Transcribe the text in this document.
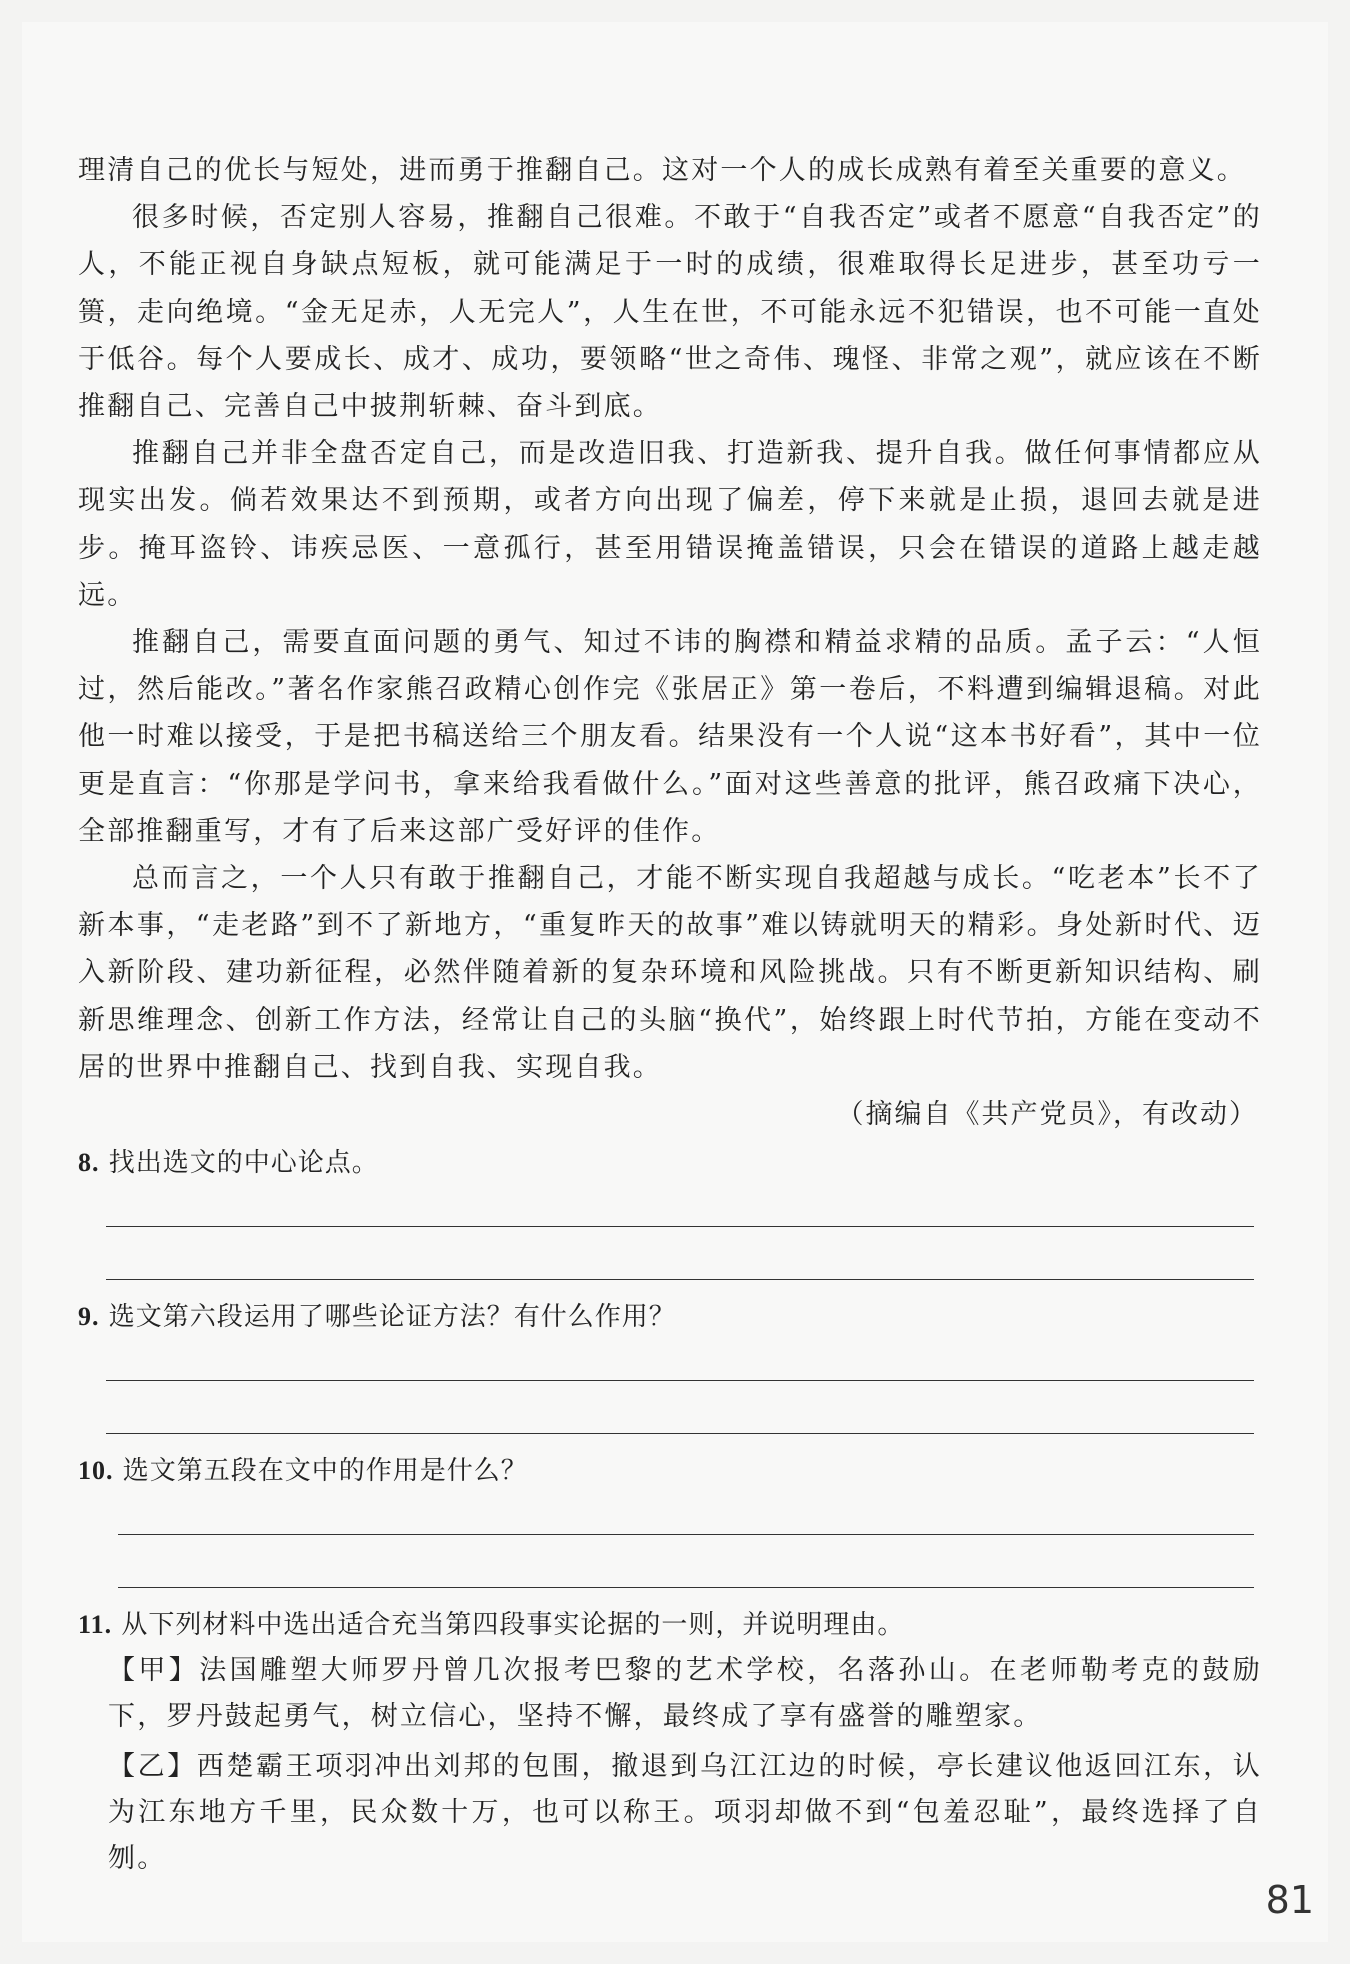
理清自己的优长与短处，进而勇于推翻自己。这对一个人的成长成熟有着至关重要的意义。

很多时候，否定别人容易，推翻自己很难。不敢于“自我否定”或者不愿意“自我否定”的人，不能正视自身缺点短板，就可能满足于一时的成绩，很难取得长足进步，甚至功亏一篑，走向绝境。“金无足赤，人无完人”，人生在世，不可能永远不犯错误，也不可能一直处于低谷。每个人要成长、成才、成功，要领略“世之奇伟、瑰怪、非常之观”，就应该在不断推翻自己、完善自己中披荆斩棘、奋斗到底。

推翻自己并非全盘否定自己，而是改造旧我、打造新我、提升自我。做任何事情都应从现实出发。倘若效果达不到预期，或者方向出现了偏差，停下来就是止损，退回去就是进步。掩耳盗铃、讳疾忌医、一意孤行，甚至用错误掩盖错误，只会在错误的道路上越走越远。

推翻自己，需要直面问题的勇气、知过不讳的胸襟和精益求精的品质。孟子云：“人恒过，然后能改。”著名作家熊召政精心创作完《张居正》第一卷后，不料遭到编辑退稿。对此他一时难以接受，于是把书稿送给三个朋友看。结果没有一个人说“这本书好看”，其中一位更是直言：“你那是学问书，拿来给我看做什么。”面对这些善意的批评，熊召政痛下决心，全部推翻重写，才有了后来这部广受好评的佳作。

总而言之，一个人只有敢于推翻自己，才能不断实现自我超越与成长。“吃老本”长不了新本事，“走老路”到不了新地方，“重复昨天的故事”难以铸就明天的精彩。身处新时代、迈入新阶段、建功新征程，必然伴随着新的复杂环境和风险挑战。只有不断更新知识结构、刷新思维理念、创新工作方法，经常让自己的头脑“换代”，始终跟上时代节拍，方能在变动不居的世界中推翻自己、找到自我、实现自我。

（摘编自《共产党员》，有改动）

8. 找出选文的中心论点。

9. 选文第六段运用了哪些论证方法？有什么作用？

10. 选文第五段在文中的作用是什么？

11. 从下列材料中选出适合充当第四段事实论据的一则，并说明理由。

【甲】法国雕塑大师罗丹曾几次报考巴黎的艺术学校，名落孙山。在老师勒考克的鼓励下，罗丹鼓起勇气，树立信心，坚持不懈，最终成了享有盛誉的雕塑家。

【乙】西楚霸王项羽冲出刘邦的包围，撤退到乌江江边的时候，亭长建议他返回江东，认为江东地方千里，民众数十万，也可以称王。项羽却做不到“包羞忍耻”，最终选择了自刎。

81
